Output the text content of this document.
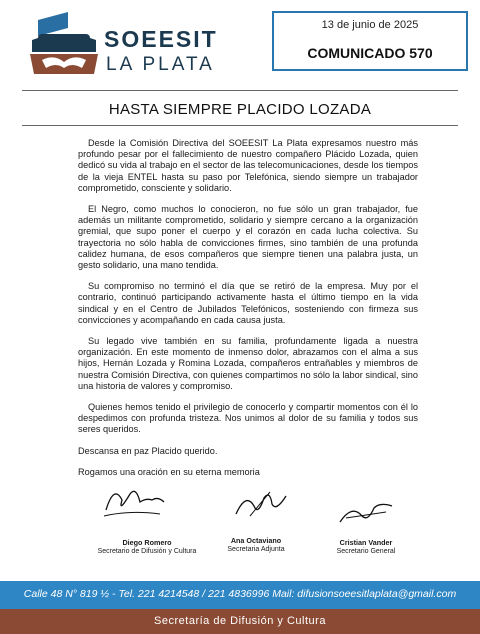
SOEESIT
LA PLATA
13 de junio de 2025
COMUNICADO 570
HASTA SIEMPRE PLACIDO LOZADA

Desde la Comisión Directiva del SOEESIT La Plata expresamos nuestro más profundo pesar por el fallecimiento de nuestro compañero Plácido Lozada, quien dedicó su vida al trabajo en el sector de las telecomunicaciones, desde los tiempos de la vieja ENTEL hasta su paso por Telefónica, siendo siempre un trabajador comprometido, consciente y solidario.

El Negro, como muchos lo conocieron, no fue sólo un gran trabajador, fue además un militante comprometido, solidario y siempre cercano a la organización gremial, que supo poner el cuerpo y el corazón en cada lucha colectiva. Su trayectoria no sólo habla de convicciones firmes, sino también de una profunda calidez humana, de esos compañeros que siempre tienen una palabra justa, un gesto solidario, una mano tendida.

Su compromiso no terminó el día que se retiró de la empresa. Muy por el contrario, continuó participando activamente hasta el último tiempo en la vida sindical y en el Centro de Jubilados Telefónicos, sosteniendo con firmeza sus convicciones y acompañando en cada causa justa.

Su legado vive también en su familia, profundamente ligada a nuestra organización. En este momento de inmenso dolor, abrazamos con el alma a sus hijos, Hernán Lozada y Romina Lozada, compañeros entrañables y miembros de nuestra Comisión Directiva, con quienes compartimos no sólo la labor sindical, sino una historia de valores y compromiso.

Quienes hemos tenido el privilegio de conocerlo y compartir momentos con él lo despedimos con profunda tristeza. Nos unimos al dolor de su familia y todos sus seres queridos.

Descansa en paz Placido querido.

Rogamos una oración en su eterna memoria

Diego Romero
Secretario de Difusión y Cultura
Ana Octaviano
Secretaria Adjunta
Cristian Vander
Secretario General
Calle 48 N° 819 ½ - Tel. 221 4214548 / 221 4836996 Mail: difusionsoeesitlaplata@gmail.com
Secretaría de Difusión y Cultura
